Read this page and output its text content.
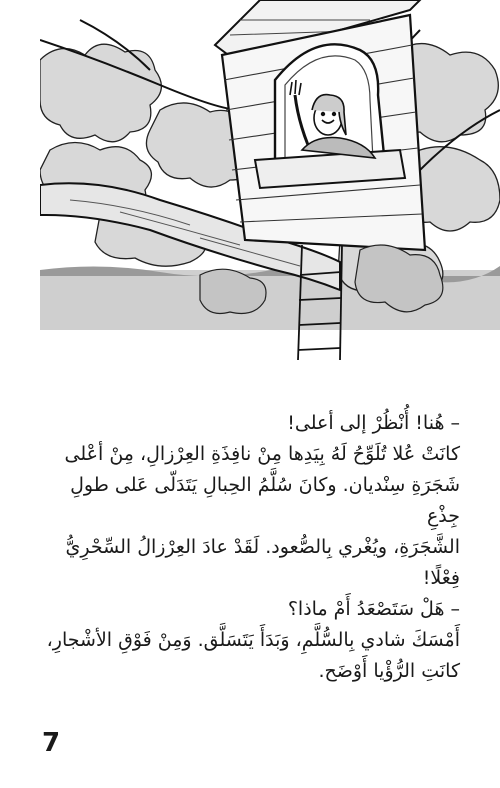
– هُنا! أُنْظُرْ إلى أعلى!

كانَتْ عُلا تُلَوِّحُ لَهُ بِيَدِها مِنْ نافِذَةِ العِرْزالِ، مِنْ أعْلى

شَجَرَةِ سِنْديان. وكانَ سُلَّمُ الحِبالِ يَتَدَلّى عَلى طولِ جِذْعِ

الشَّجَرَةِ، ويُغْري بِالصُّعود. لَقَدْ عادَ العِرْزالُ السِّحْرِيُّ فِعْلًا!

– هَلْ سَتَصْعَدُ أَمْ ماذا؟

أَمْسَكَ شادي بِالسُّلَّمِ، وَبَدَأَ يَتَسَلَّق. وَمِنْ فَوْقِ الأشْجارِ،

كانَتِ الرُّؤْيا أَوْضَح.

7
